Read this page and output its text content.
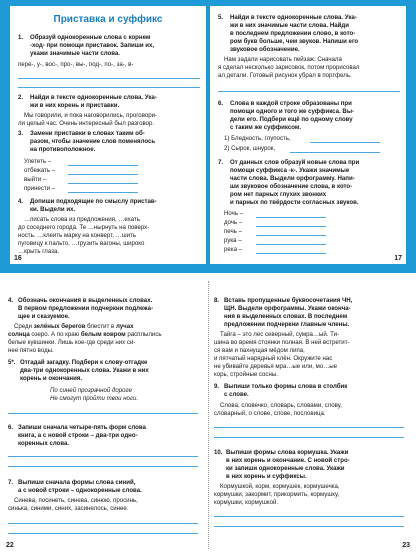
Приставка и суффикс
1. Образуй однокоренные слова с корнем
-ход- при помощи приставок. Запиши их,
укажи значимые части слова.
пере-, у-, вос-, про-, вы-, под-, по-, за-, в-
2. Найди в тексте однокоренные слова. Ука-
жи в них корень и приставки.
Мы говорили, и пока наговорились, проговори-
ли целый час. Очень интересный был разговор.
3. Замени приставки в словах таким об-
разом, чтобы значение слов поменялось
на противоположное.
Улететь –
отбежать –
выйти –
принести –
4. Допиши подходящие по смыслу пристав-
ки. Выдели их.
…писать слова из предложения, …ехать
до соседнего города. Те …нырнуть на поверх-
ность. …клеить марку на конверт, …шить
пуговицу к пальто, …грузить вагоны, широко
…крыть глаза.
16
5. Найди в тексте однокоренные слова. Ука-
жи в них значимые части слова. Найди
в последнем предложении слово, в кото-
ром букв больше, чем звуков. Напиши его
звуковое обозначение.
Нам задали нарисовать пейзаж. Сначала
я сделал несколько зарисовок, потом прорисовал
ал детали. Готовый рисунок убрал в портфель.
6. Слова в каждой строке образованы при
помощи одного и того же суффикса. Вы-
дели его. Подбери ещё по одному слову
с таким же суффиксом.
1) Бледность, глупость,
2) Сырок, шнурок,
7. От данных слов образуй новые слова при
помощи суффикса -к-. Укажи значимые
части слова. Выдели орфограмму. Напи-
ши звуковое обозначение слова, в кото-
ром нет парных глухих звонких
и парных по твёрдости согласных звуков.
Ночь –
дочь –
печь –
рука –
река –
17
4. Обозначь окончания в выделенных словах.
В первом предложении подчеркни подлежа-
щее и сказуемое.
Среди зелёных берегов блестит в лучах
солнца озеро. А по краю белым ковром расплылись
белые кувшинки. Лишь кое-где среди них си-
нее пятно воды.
5*. Отгадай загадку. Подбери к слову-отгадке
два-три однокоренных слова. Укажи в них
корень и окончания.
По синей прозрачной дороге
Не смогут пройти твои ноги.
6. Запиши сначала четыре-пять форм слова
книга, а с новой строки – два-три одно-
коренных слова.
7. Выпиши сначала формы слова синий,
а с новой строки – однокоренные слова.
Синева, посинеть, синева, синюю, просинь,
синька, синими, синих, засинелось, синее.
22
8. Вставь пропущенные буквосочетания ЧН,
ЩН. Выдели орфограммы. Укажи оконча-
ния в выделенных словах. В последнем
предложении подчеркни главные члены.
Тайга – это лес северный, сумра…ый. Ти-
шина во время стоянки полная. В ней встретит-
ся вам и пахнущая мёдом липа,
и пятчатый нарядный клён. Окружите нас
не убивайте деревья мра…ые или, мо…ые
корь, стройные сосны.
9. Выпиши только формы слова в столбик
с слове.
Слова, словечко, словарь, словами, слову,
словарный, о слове, слове, пословица.
10. Выпиши формы слова кормушка. Укажи
в них корень и окончание. С новой стро-
ки запиши однокоренные слова. Укажи
в них корень и суффиксы.
Кормушкой, корм, кормушек, кормушечка,
кормушки, закормит, прикормить, кормушку,
кормушки, кормушкой.
23
